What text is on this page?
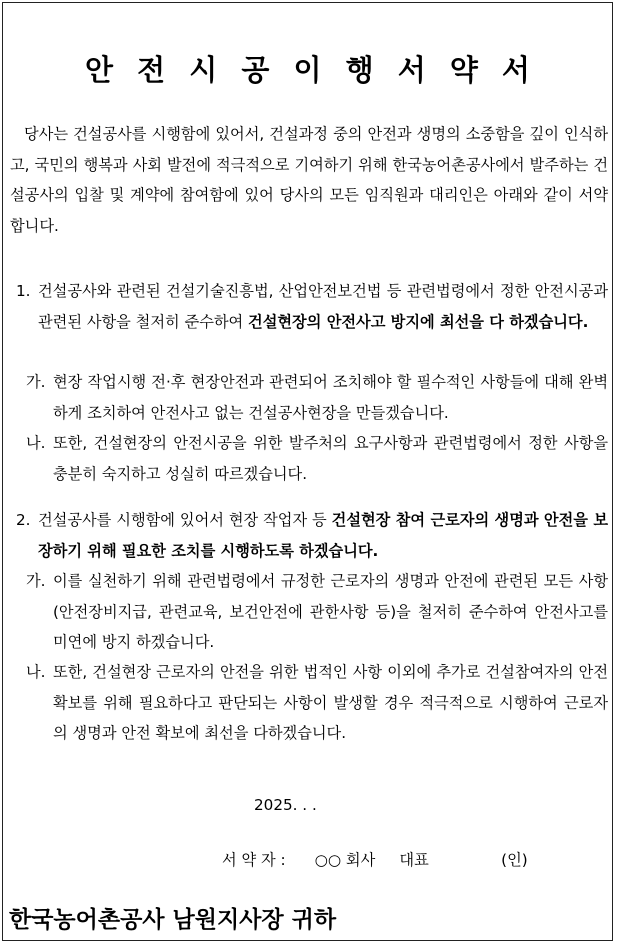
안 전 시 공 이 행 서 약 서
당사는 건설공사를 시행함에 있어서, 건설과정 중의 안전과 생명의 소중함을 깊이 인식하고, 국민의 행복과 사회 발전에 적극적으로 기여하기 위해 한국농어촌공사에서 발주하는 건설공사의 입찰 및 계약에 참여함에 있어 당사의 모든 임직원과 대리인은 아래와 같이 서약 합니다.
1. 건설공사와 관련된 건설기술진흥법, 산업안전보건법 등 관련법령에서 정한 안전시공과 관련된 사항을 철저히 준수하여 건설현장의 안전사고 방지에 최선을 다 하겠습니다.
가. 현장 작업시행 전·후 현장안전과 관련되어 조치해야 할 필수적인 사항들에 대해 완벽하게 조치하여 안전사고 없는 건설공사현장을 만들겠습니다.
나. 또한, 건설현장의 안전시공을 위한 발주처의 요구사항과 관련법령에서 정한 사항을 충분히 숙지하고 성실히 따르겠습니다.
2. 건설공사를 시행함에 있어서 현장 작업자 등 건설현장 참여 근로자의 생명과 안전을 보장하기 위해 필요한 조치를 시행하도록 하겠습니다.
가. 이를 실천하기 위해 관련법령에서 규정한 근로자의 생명과 안전에 관련된 모든 사항(안전장비지급, 관련교육, 보건안전에 관한사항 등)을 철저히 준수하여 안전사고를 미연에 방지 하겠습니다.
나. 또한, 건설현장 근로자의 안전을 위한 법적인 사항 이외에 추가로 건설참여자의 안전 확보를 위해 필요하다고 판단되는 사항이 발생할 경우 적극적으로 시행하여 근로자의 생명과 안전 확보에 최선을 다하겠습니다.
2025. . .
서 약 자 :      ○○ 회사     대표               (인)
한국농어촌공사 남원지사장 귀하
